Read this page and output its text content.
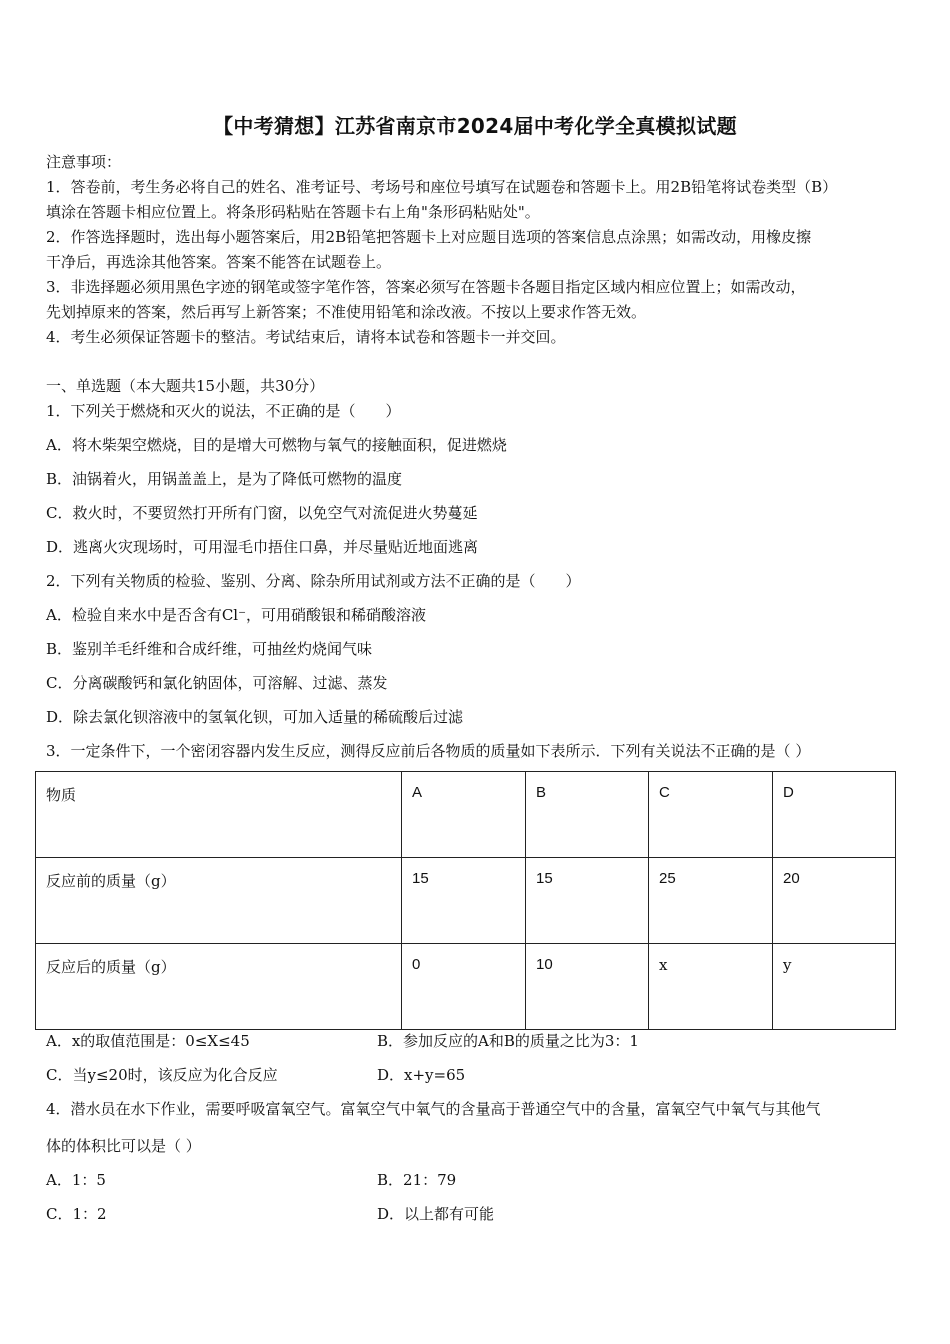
【中考猜想】江苏省南京市2024届中考化学全真模拟试题
注意事项：
1．答卷前，考生务必将自己的姓名、准考证号、考场号和座位号填写在试题卷和答题卡上。用2B铅笔将试卷类型（B）
填涂在答题卡相应位置上。将条形码粘贴在答题卡右上角"条形码粘贴处"。
2．作答选择题时，选出每小题答案后，用2B铅笔把答题卡上对应题目选项的答案信息点涂黑；如需改动，用橡皮擦
干净后，再选涂其他答案。答案不能答在试题卷上。
3．非选择题必须用黑色字迹的钢笔或签字笔作答，答案必须写在答题卡各题目指定区域内相应位置上；如需改动，
先划掉原来的答案，然后再写上新答案；不准使用铅笔和涂改液。不按以上要求作答无效。
4．考生必须保证答题卡的整洁。考试结束后，请将本试卷和答题卡一并交回。
一、单选题（本大题共15小题，共30分）
1．下列关于燃烧和灭火的说法，不正确的是（　　）
A．将木柴架空燃烧，目的是增大可燃物与氧气的接触面积，促进燃烧
B．油锅着火，用锅盖盖上，是为了降低可燃物的温度
C．救火时，不要贸然打开所有门窗，以免空气对流促进火势蔓延
D．逃离火灾现场时，可用湿毛巾捂住口鼻，并尽量贴近地面逃离
2．下列有关物质的检验、鉴别、分离、除杂所用试剂或方法不正确的是（　　）
A．检验自来水中是否含有Cl⁻，可用硝酸银和稀硝酸溶液
B．鉴别羊毛纤维和合成纤维，可抽丝灼烧闻气味
C．分离碳酸钙和氯化钠固体，可溶解、过滤、蒸发
D．除去氯化钡溶液中的氢氧化钡，可加入适量的稀硫酸后过滤
3．一定条件下，一个密闭容器内发生反应，测得反应前后各物质的质量如下表所示．下列有关说法不正确的是（ ）
物质	A	B	C	D
反应前的质量（g）	15	15	25	20
反应后的质量（g）	0	10	x	y
A．x的取值范围是：0≤X≤45	B．参加反应的A和B的质量之比为3：1
C．当y≤20时，该反应为化合反应	D．x+y=65
4．潜水员在水下作业，需要呼吸富氧空气。富氧空气中氧气的含量高于普通空气中的含量，富氧空气中氧气与其他气
体的体积比可以是（ ）
A．1：5	B．21：79
C．1：2	D．以上都有可能
